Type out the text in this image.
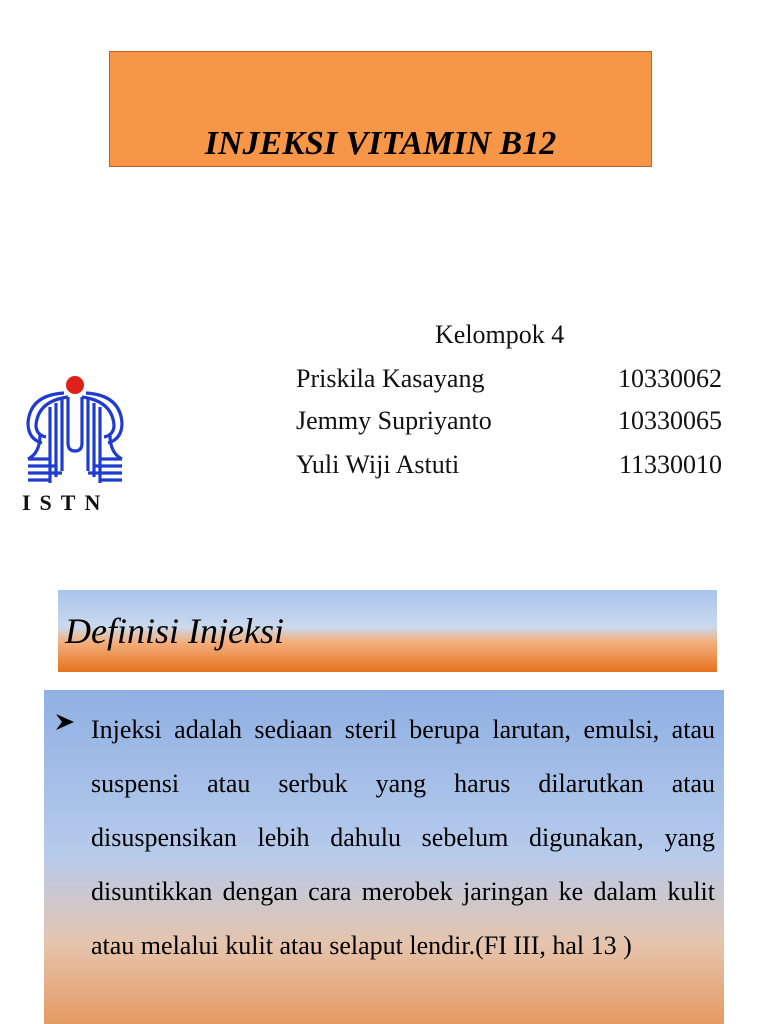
INJEKSI VITAMIN B12
Kelompok 4
Priskila Kasayang	10330062
Jemmy Supriyanto	10330065
Yuli Wiji Astuti	11330010
ISTN
Definisi Injeksi
Injeksi adalah sediaan steril berupa larutan, emulsi, atau suspensi atau serbuk yang harus dilarutkan atau disuspensikan lebih dahulu sebelum digunakan, yang disuntikkan dengan cara merobek jaringan ke dalam kulit atau melalui kulit atau selaput lendir.(FI III, hal 13 )
